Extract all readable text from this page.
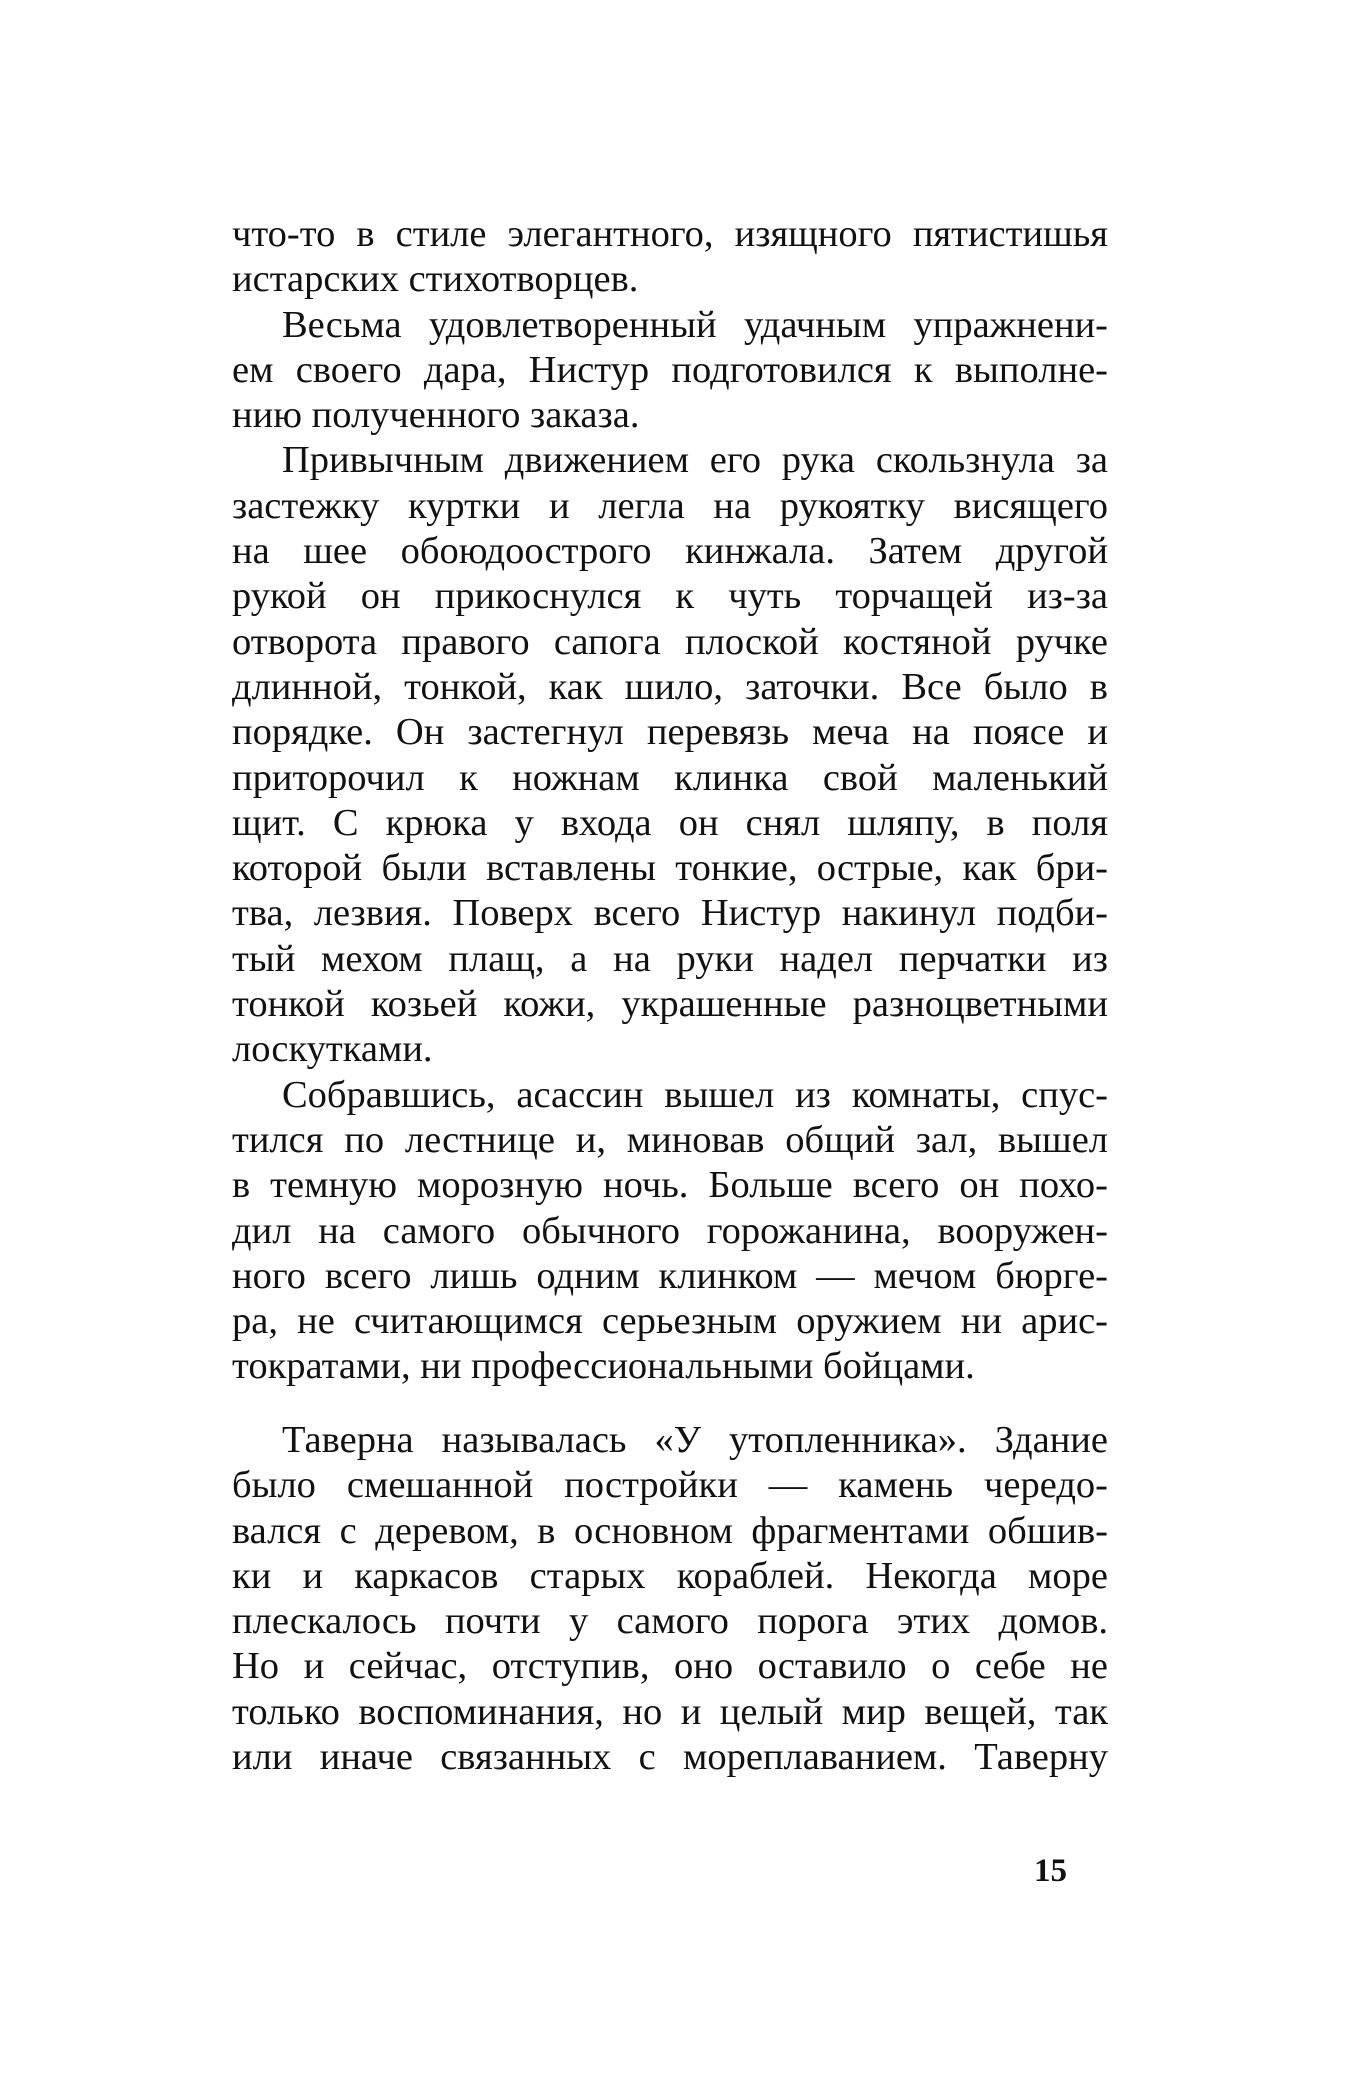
что-то в стиле элегантного, изящного пятистишья
истарских стихотворцев.
Весьма удовлетворенный удачным упражнени-
ем своего дара, Нистур подготовился к выполне-
нию полученного заказа.
Привычным движением его рука скользнула за
застежку куртки и легла на рукоятку висящего
на шее обоюдоострого кинжала. Затем другой
рукой он прикоснулся к чуть торчащей из-за
отворота правого сапога плоской костяной ручке
длинной, тонкой, как шило, заточки. Все было в
порядке. Он застегнул перевязь меча на поясе и
приторочил к ножнам клинка свой маленький
щит. С крюка у входа он снял шляпу, в поля
которой были вставлены тонкие, острые, как бри-
тва, лезвия. Поверх всего Нистур накинул подби-
тый мехом плащ, а на руки надел перчатки из
тонкой козьей кожи, украшенные разноцветными
лоскутками.
Собравшись, асассин вышел из комнаты, спус-
тился по лестнице и, миновав общий зал, вышел
в темную морозную ночь. Больше всего он похо-
дил на самого обычного горожанина, вооружен-
ного всего лишь одним клинком — мечом бюрге-
ра, не считающимся серьезным оружием ни арис-
тократами, ни профессиональными бойцами.
Таверна называлась «У утопленника». Здание
было смешанной постройки — камень чередо-
вался с деревом, в основном фрагментами обшив-
ки и каркасов старых кораблей. Некогда море
плескалось почти у самого порога этих домов.
Но и сейчас, отступив, оно оставило о себе не
только воспоминания, но и целый мир вещей, так
или иначе связанных с мореплаванием. Таверну
15
